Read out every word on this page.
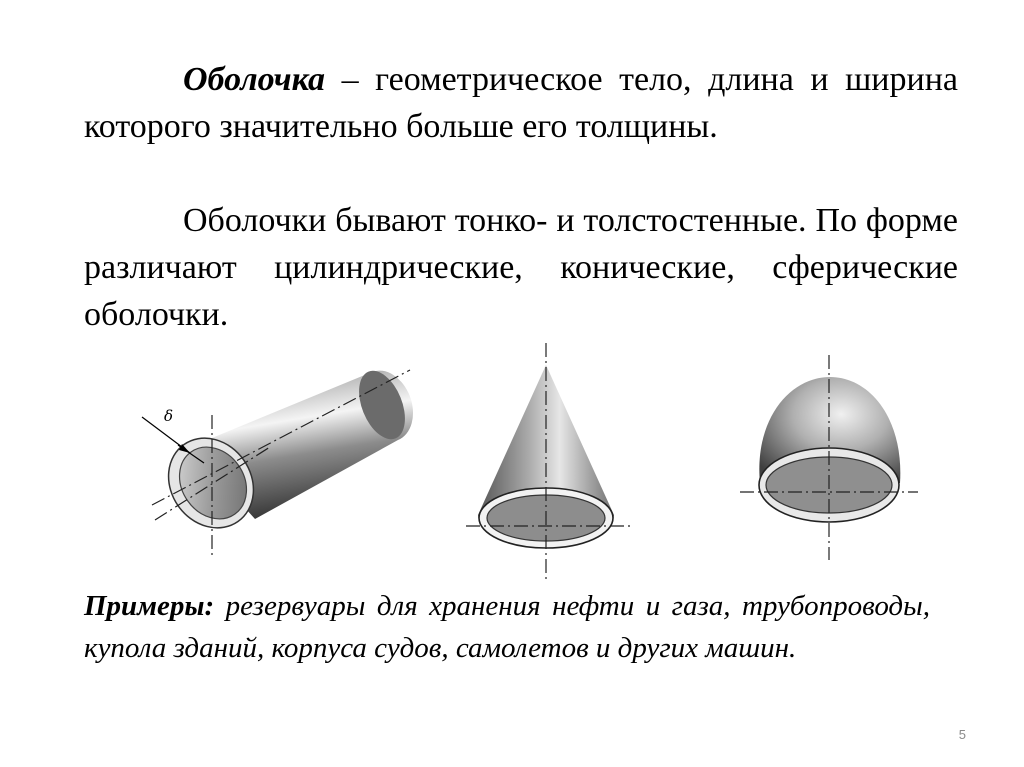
Оболочка – геометрическое тело, длина и ширина которого значительно больше его толщины.

Оболочки бывают тонко- и толстостенные. По форме различают цилиндрические, конические, сферические оболочки.

δ

Примеры: резервуары для хранения нефти и газа, трубопроводы, купола зданий, корпуса судов, самолетов и других машин.

5
